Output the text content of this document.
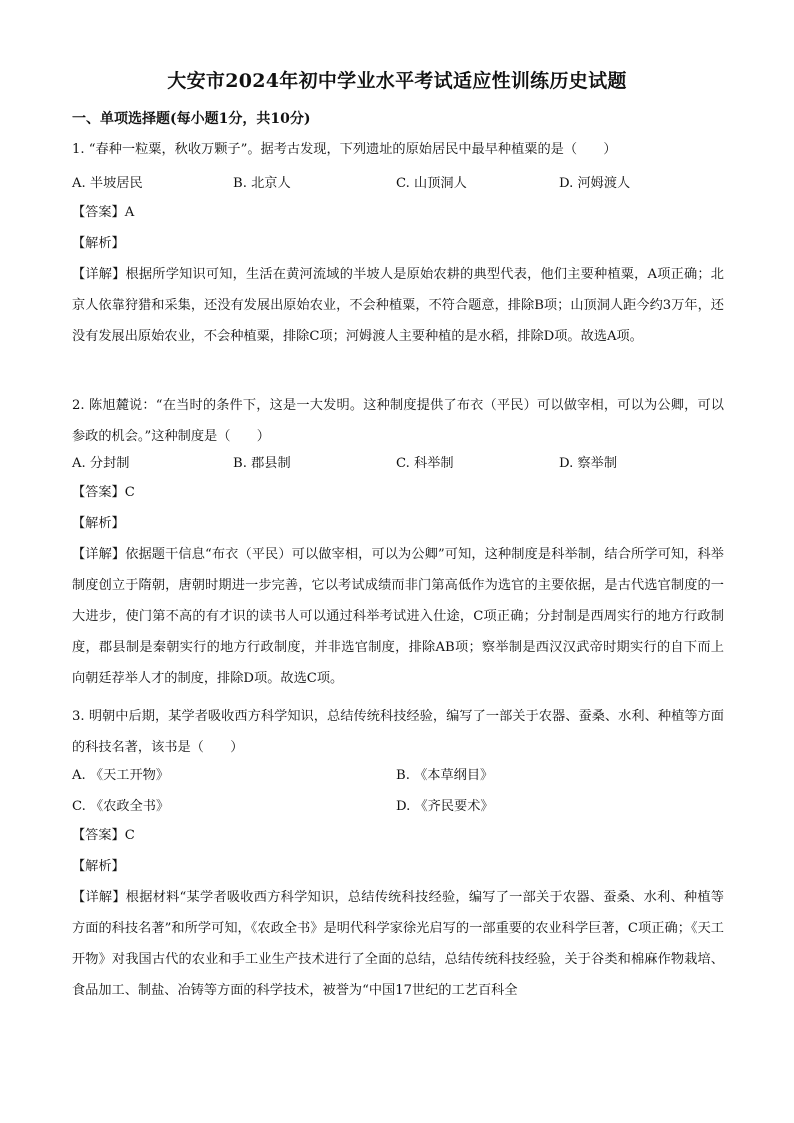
大安市2024年初中学业水平考试适应性训练历史试题
一、单项选择题(每小题1分，共10分)
1. “春种一粒粟，秋收万颗子”。据考古发现，下列遗址的原始居民中最早种植粟的是（　　）
A. 半坡居民	B. 北京人	C. 山顶洞人	D. 河姆渡人
【答案】A
【解析】
【详解】根据所学知识可知，生活在黄河流域的半坡人是原始农耕的典型代表，他们主要种植粟，A项正确；北京人依靠狩猎和采集，还没有发展出原始农业，不会种植粟，不符合题意，排除B项；山顶洞人距今约3万年，还没有发展出原始农业，不会种植粟，排除C项；河姆渡人主要种植的是水稻，排除D项。故选A项。
2. 陈旭麓说：“在当时的条件下，这是一大发明。这种制度提供了布衣（平民）可以做宰相，可以为公卿，可以参政的机会。”这种制度是（　　）
A. 分封制	B. 郡县制	C. 科举制	D. 察举制
【答案】C
【解析】
【详解】依据题干信息“布衣（平民）可以做宰相，可以为公卿”可知，这种制度是科举制，结合所学可知，科举制度创立于隋朝，唐朝时期进一步完善，它以考试成绩而非门第高低作为选官的主要依据，是古代选官制度的一大进步，使门第不高的有才识的读书人可以通过科举考试进入仕途，C项正确；分封制是西周实行的地方行政制度，郡县制是秦朝实行的地方行政制度，并非选官制度，排除AB项；察举制是西汉汉武帝时期实行的自下而上向朝廷荐举人才的制度，排除D项。故选C项。
3. 明朝中后期，某学者吸收西方科学知识，总结传统科技经验，编写了一部关于农器、蚕桑、水利、种植等方面的科技名著，该书是（　　）
A. 《天工开物》	B. 《本草纲目》
C. 《农政全书》	D. 《齐民要术》
【答案】C
【解析】
【详解】根据材料“某学者吸收西方科学知识，总结传统科技经验，编写了一部关于农器、蚕桑、水利、种植等方面的科技名著”和所学可知，《农政全书》是明代科学家徐光启写的一部重要的农业科学巨著，C项正确；《天工开物》对我国古代的农业和手工业生产技术进行了全面的总结，总结传统科技经验，关于谷类和棉麻作物栽培、食品加工、制盐、冶铸等方面的科学技术，被誉为“中国17世纪的工艺百科全
